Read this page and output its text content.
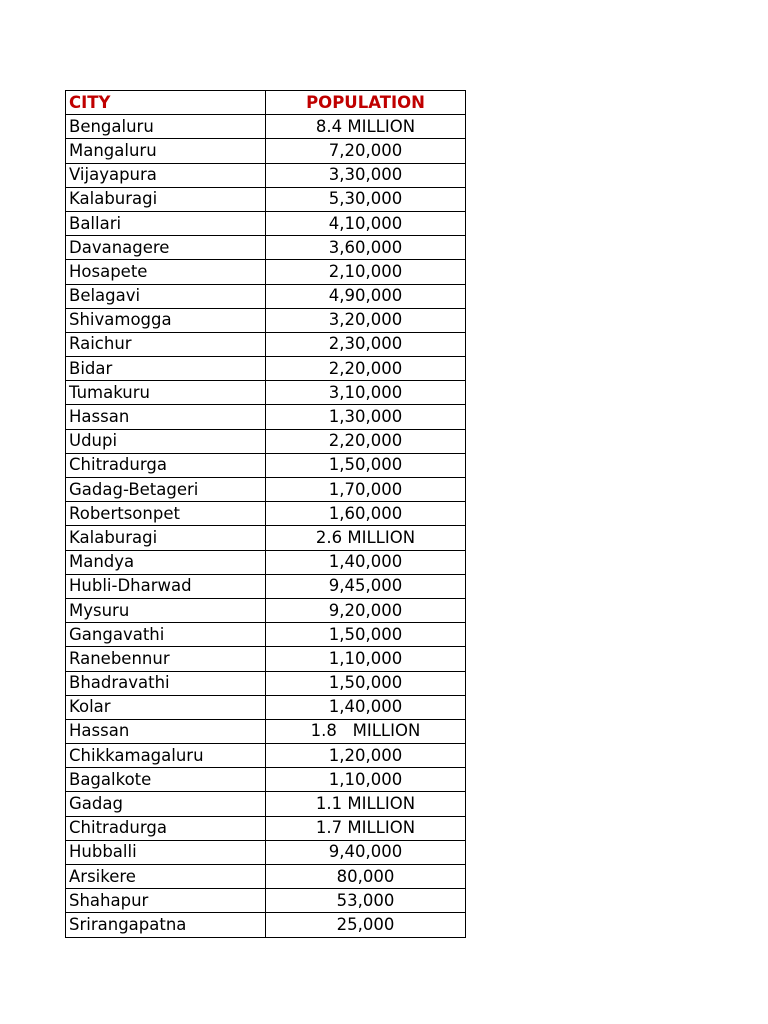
CITY	POPULATION
Bengaluru	8.4 MILLION
Mangaluru	7,20,000
Vijayapura	3,30,000
Kalaburagi	5,30,000
Ballari	4,10,000
Davanagere	3,60,000
Hosapete	2,10,000
Belagavi	4,90,000
Shivamogga	3,20,000
Raichur	2,30,000
Bidar	2,20,000
Tumakuru	3,10,000
Hassan	1,30,000
Udupi	2,20,000
Chitradurga	1,50,000
Gadag-Betageri	1,70,000
Robertsonpet	1,60,000
Kalaburagi	2.6 MILLION
Mandya	1,40,000
Hubli-Dharwad	9,45,000
Mysuru	9,20,000
Gangavathi	1,50,000
Ranebennur	1,10,000
Bhadravathi	1,50,000
Kolar	1,40,000
Hassan	1.8   MILLION
Chikkamagaluru	1,20,000
Bagalkote	1,10,000
Gadag	1.1 MILLION
Chitradurga	1.7 MILLION
Hubballi	9,40,000
Arsikere	80,000
Shahapur	53,000
Srirangapatna	25,000
